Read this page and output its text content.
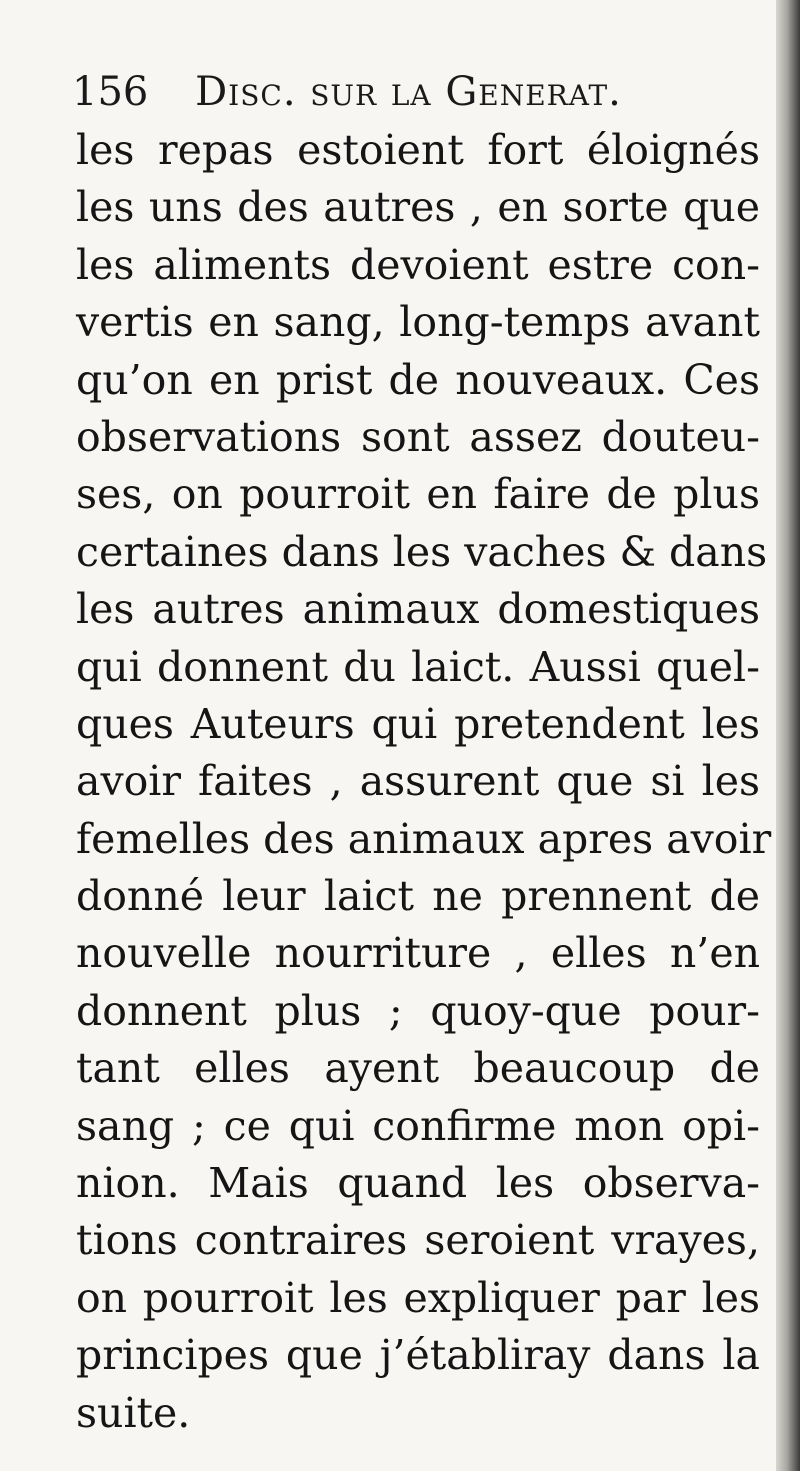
156 Disc. sur la Generat.
les repas estoient fort éloignés
les uns des autres , en sorte que
les aliments devoient estre con-
vertis en sang, long-temps avant
qu’on en prist de nouveaux. Ces
observations sont assez douteu-
ses, on pourroit en faire de plus
certaines dans les vaches & dans
les autres animaux domestiques
qui donnent du laict. Aussi quel-
ques Auteurs qui pretendent les
avoir faites , assurent que si les
femelles des animaux apres avoir
donné leur laict ne prennent de
nouvelle nourriture , elles n’en
donnent plus ; quoy-que pour-
tant elles ayent beaucoup de
sang ; ce qui confirme mon opi-
nion. Mais quand les observa-
tions contraires seroient vrayes,
on pourroit les expliquer par les
principes que j’établiray dans la
suite.
